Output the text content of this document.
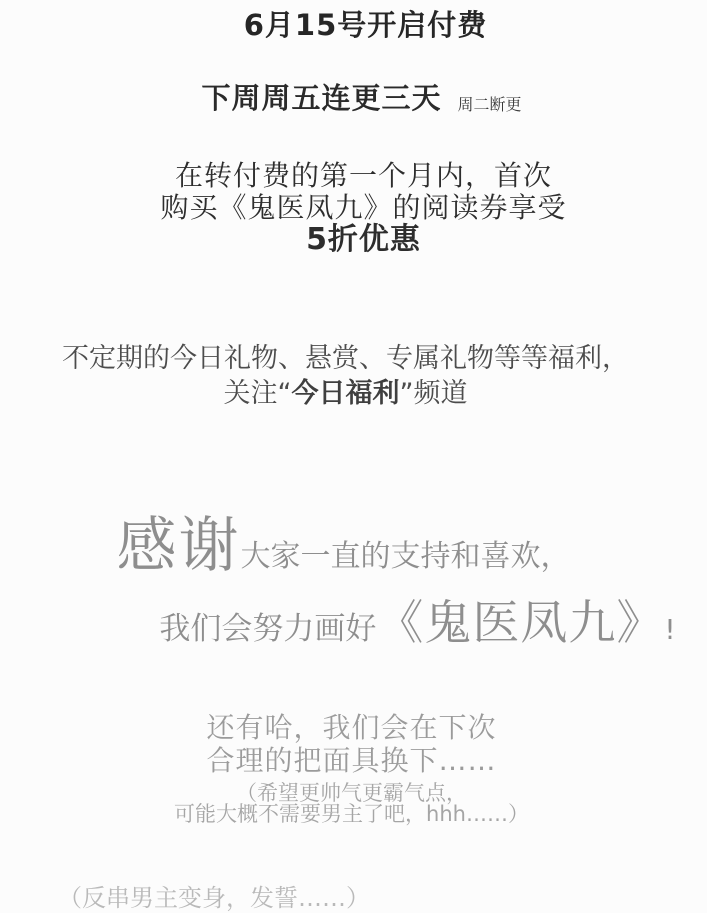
6月15号开启付费
下周周五连更三天 周二断更
在转付费的第一个月内，首次
购买《鬼医凤九》的阅读券享受
5折优惠
不定期的今日礼物、悬赏、专属礼物等等福利，
关注“今日福利”频道
感谢 大家一直的支持和喜欢，
我们会努力画好 《鬼医凤九》 !
还有哈，我们会在下次
合理的把面具换下……
（希望更帅气更霸气点，
可能大概不需要男主了吧，hhh……）
（反串男主变身，发誓……）
